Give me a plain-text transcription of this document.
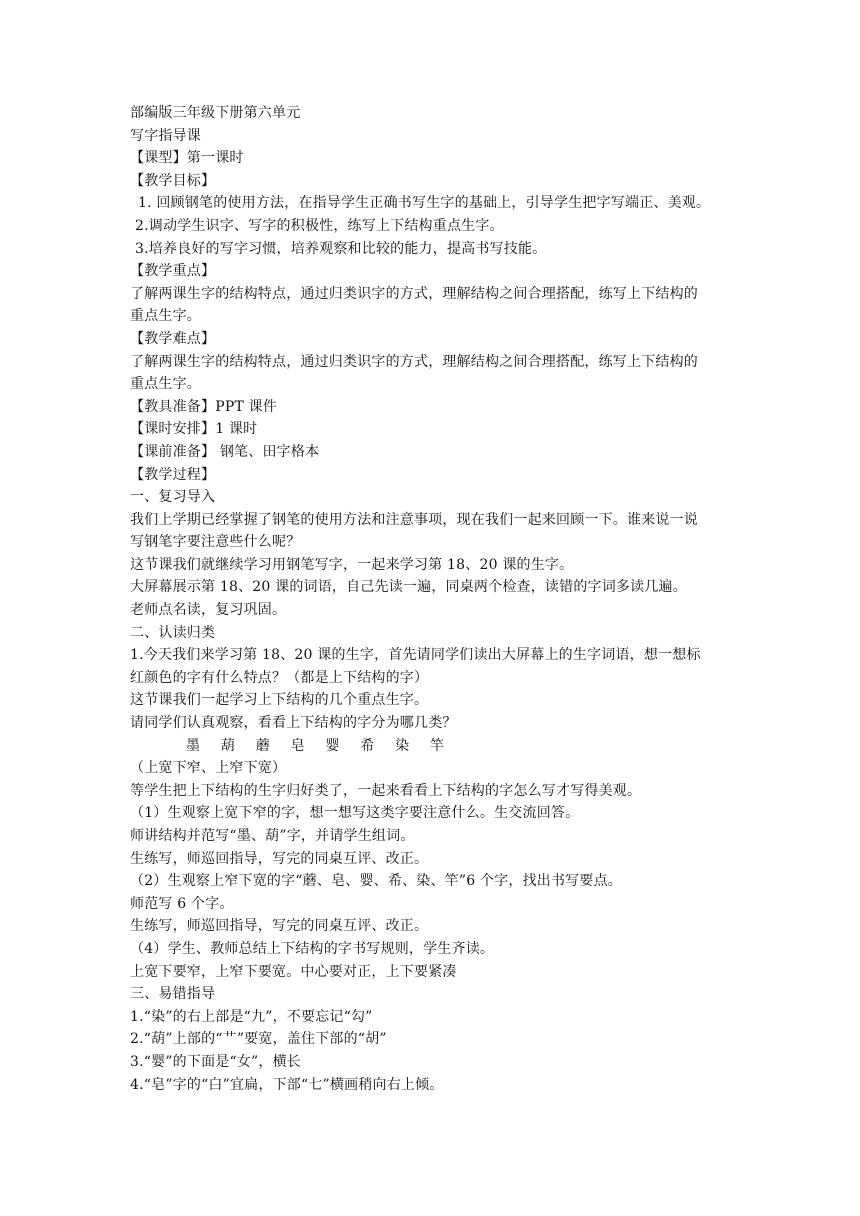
部编版三年级下册第六单元
写字指导课
【课型】第一课时
【教学目标】
1. 回顾钢笔的使用方法，在指导学生正确书写生字的基础上，引导学生把字写端正、美观。
2.调动学生识字、写字的积极性，练写上下结构重点生字。
3.培养良好的写字习惯，培养观察和比较的能力，提高书写技能。
【教学重点】
了解两课生字的结构特点，通过归类识字的方式，理解结构之间合理搭配，练写上下结构的
重点生字。
【教学难点】
了解两课生字的结构特点，通过归类识字的方式，理解结构之间合理搭配，练写上下结构的
重点生字。
【教具准备】PPT 课件
【课时安排】1 课时
【课前准备】 钢笔、田字格本
【教学过程】
一、复习导入
我们上学期已经掌握了钢笔的使用方法和注意事项，现在我们一起来回顾一下。谁来说一说
写钢笔字要注意些什么呢？
这节课我们就继续学习用钢笔写字，一起来学习第 18、20 课的生字。
大屏幕展示第 18、20 课的词语，自己先读一遍，同桌两个检查，读错的字词多读几遍。
老师点名读，复习巩固。
二、认读归类
1.今天我们来学习第 18、20 课的生字，首先请同学们读出大屏幕上的生字词语，想一想标
红颜色的字有什么特点？（都是上下结构的字）
这节课我们一起学习上下结构的几个重点生字。
请同学们认真观察，看看上下结构的字分为哪几类？
墨 葫 蘑 皂 婴 希 染 竿
（上宽下窄、上窄下宽）
等学生把上下结构的生字归好类了，一起来看看上下结构的字怎么写才写得美观。
（1）生观察上宽下窄的字，想一想写这类字要注意什么。生交流回答。
师讲结构并范写“墨、葫”字，并请学生组词。
生练写，师巡回指导，写完的同桌互评、改正。
（2）生观察上窄下宽的字“蘑、皂、婴、希、染、竿”6 个字，找出书写要点。
师范写 6 个字。
生练写，师巡回指导，写完的同桌互评、改正。
（4）学生、教师总结上下结构的字书写规则，学生齐读。
上宽下要窄，上窄下要宽。中心要对正，上下要紧凑
三、易错指导
1.“染”的右上部是“九”，不要忘记“勾”
2.“葫”上部的“艹”要宽，盖住下部的“胡”
3.“婴”的下面是“女”，横长
4.“皂”字的“白”宜扁，下部“七”横画稍向右上倾。
